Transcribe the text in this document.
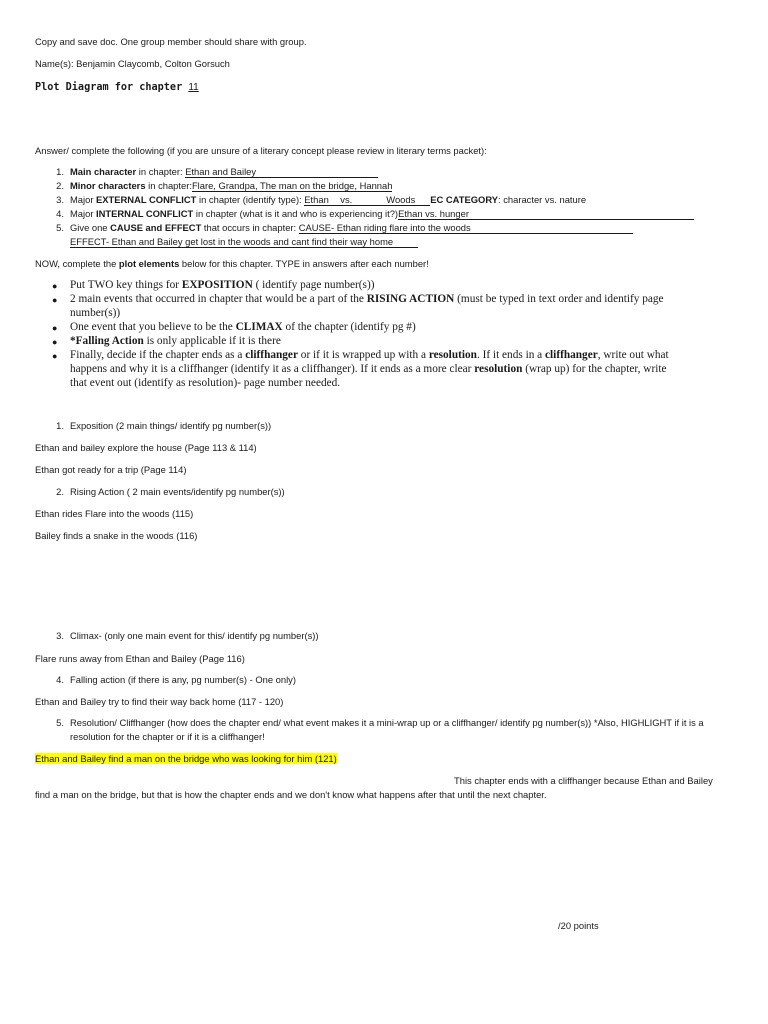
Copy and save doc. One group member should share with group.
Name(s): Benjamin Claycomb, Colton Gorsuch
Plot Diagram for chapter 11
Answer/ complete the following (if you are unsure of a literary concept please review in literary terms packet):
1. Main character in chapter: Ethan and Bailey
2. Minor characters in chapter:Flare, Grandpa, The man on the bridge, Hannah
3. Major EXTERNAL CONFLICT in chapter (identify type): Ethan vs.	Woods EC CATEGORY: character vs. nature
4. Major INTERNAL CONFLICT in chapter (what is it and who is experiencing it?)Ethan vs. hunger
5. Give one CAUSE and EFFECT that occurs in chapter: CAUSE- Ethan riding flare into the woods
EFFECT- Ethan and Bailey get lost in the woods and cant find their way home
NOW, complete the plot elements below for this chapter. TYPE in answers after each number!
● Put TWO key things for EXPOSITION ( identify page number(s))
● 2 main events that occurred in chapter that would be a part of the RISING ACTION (must be typed in text order and identify page
number(s))
● One event that you believe to be the CLIMAX of the chapter (identify pg #)
● *Falling Action is only applicable if it is there
● Finally, decide if the chapter ends as a cliffhanger or if it is wrapped up with a resolution. If it ends in a cliffhanger, write out what
happens and why it is a cliffhanger (identify it as a cliffhanger). If it ends as a more clear resolution (wrap up) for the chapter, write
that event out (identify as resolution)- page number needed.
1. Exposition (2 main things/ identify pg number(s))
Ethan and bailey explore the house (Page 113 & 114)
Ethan got ready for a trip (Page 114)
2. Rising Action ( 2 main events/identify pg number(s))
Ethan rides Flare into the woods (115)
Bailey finds a snake in the woods (116)
3. Climax- (only one main event for this/ identify pg number(s))
Flare runs away from Ethan and Bailey (Page 116)
4. Falling action (if there is any, pg number(s) - One only)
Ethan and Bailey try to find their way back home (117 - 120)
5. Resolution/ Cliffhanger (how does the chapter end/ what event makes it a mini-wrap up or a cliffhanger/ identify pg number(s)) *Also, HIGHLIGHT if it is a
resolution for the chapter or if it is a cliffhanger!
Ethan and Bailey find a man on the bridge who was looking for him (121)
This chapter ends with a cliffhanger because Ethan and Bailey
find a man on the bridge, but that is how the chapter ends and we don't know what happens after that until the next chapter.
/20 points
